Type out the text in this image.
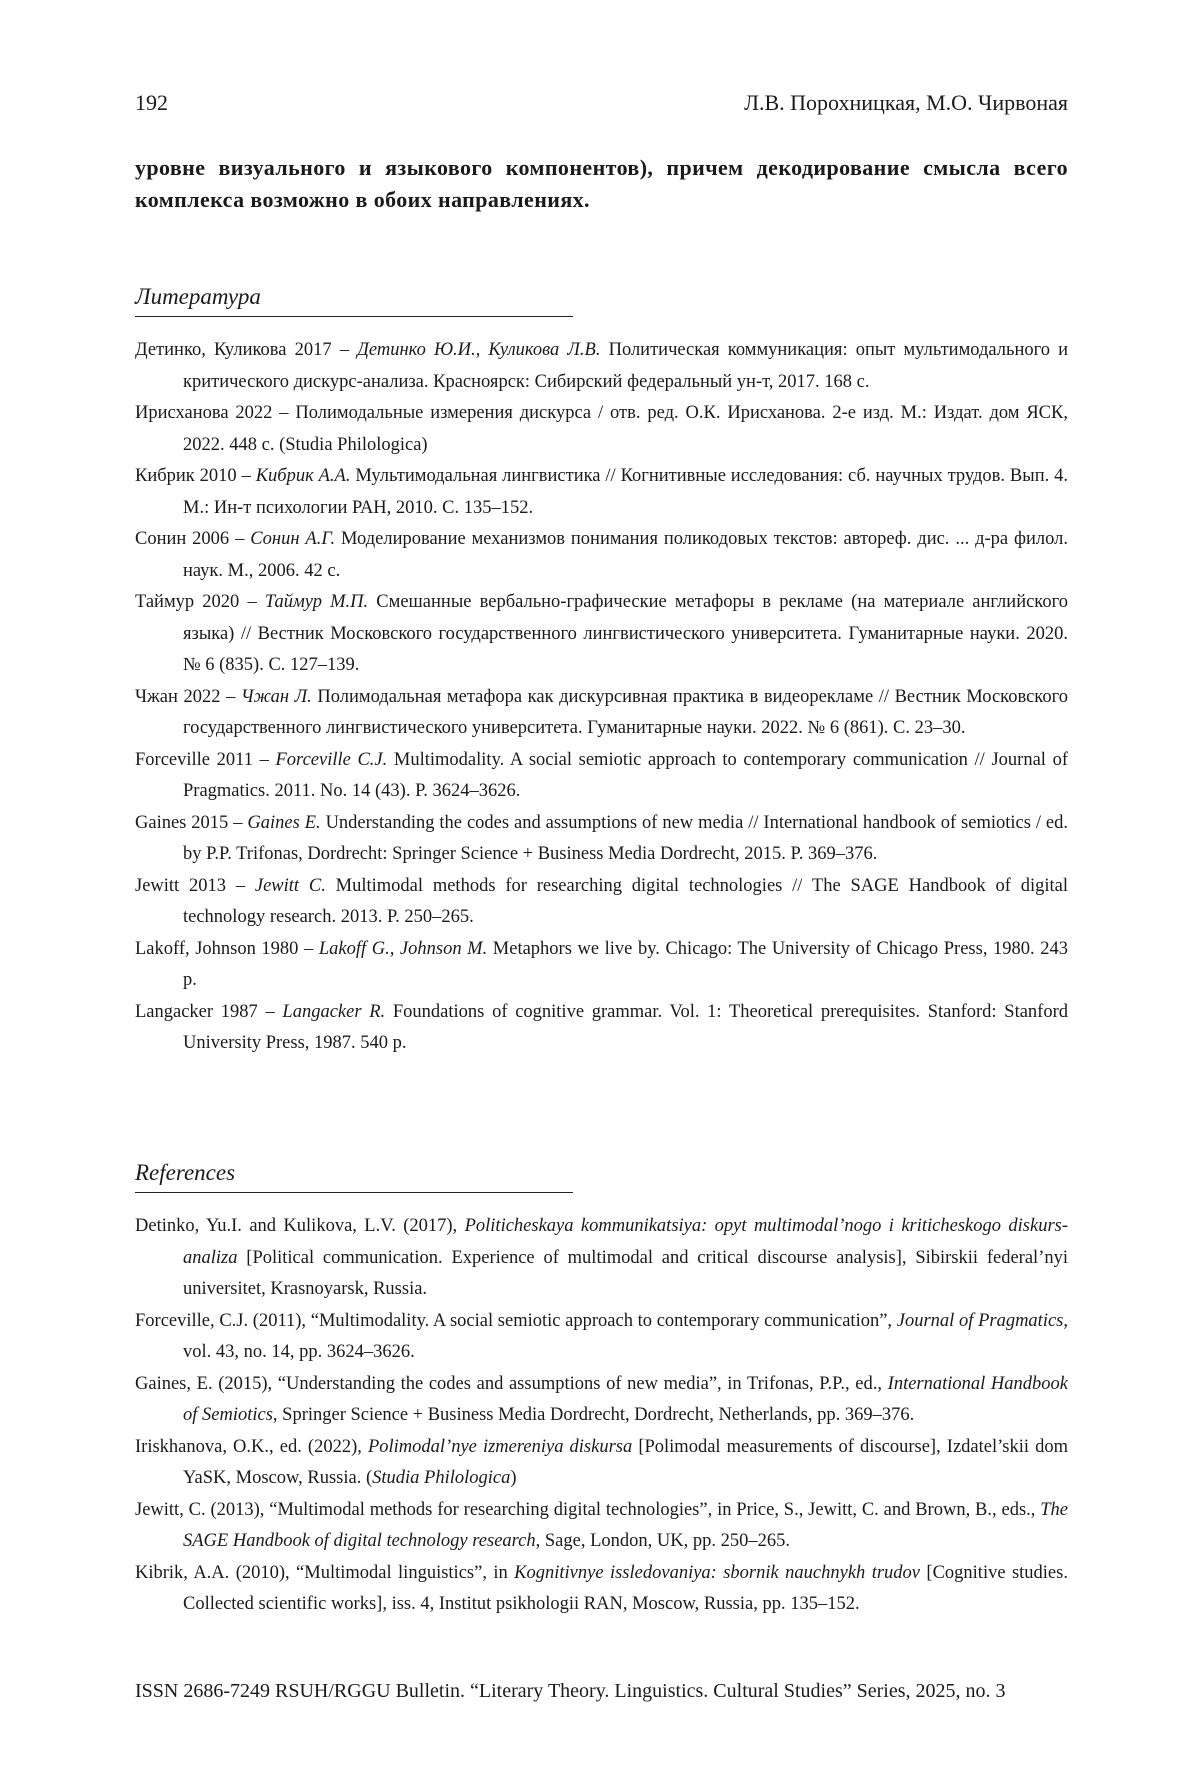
192	Л.В. Порохницкая, М.О. Чирвоная
уровне визуального и языкового компонентов), причем декодирование смысла всего комплекса возможно в обоих направлениях.
Литература

Детинко, Куликова 2017 – Детинко Ю.И., Куликова Л.В. Политическая коммуникация: опыт мультимодального и критического дискурс-анализа. Красноярск: Сибирский федеральный ун-т, 2017. 168 с.

Ирисханова 2022 – Полимодальные измерения дискурса / отв. ред. О.К. Ирисханова. 2-е изд. М.: Издат. дом ЯСК, 2022. 448 с. (Studia Philologica)

Кибрик 2010 – Кибрик А.А. Мультимодальная лингвистика // Когнитивные исследования: сб. научных трудов. Вып. 4. М.: Ин-т психологии РАН, 2010. С. 135–152.

Сонин 2006 – Сонин А.Г. Моделирование механизмов понимания поликодовых текстов: автореф. дис. ... д-ра филол. наук. М., 2006. 42 с.

Таймур 2020 – Таймур М.П. Смешанные вербально-графические метафоры в рекламе (на материале английского языка) // Вестник Московского государственного лингвистического университета. Гуманитарные науки. 2020. № 6 (835). С. 127–139.

Чжан 2022 – Чжан Л. Полимодальная метафора как дискурсивная практика в видеорекламе // Вестник Московского государственного лингвистического университета. Гуманитарные науки. 2022. № 6 (861). С. 23–30.

Forceville 2011 – Forceville C.J. Multimodality. A social semiotic approach to contemporary communication // Journal of Pragmatics. 2011. No. 14 (43). P. 3624–3626.

Gaines 2015 – Gaines E. Understanding the codes and assumptions of new media // International handbook of semiotics / ed. by P.P. Trifonas, Dordrecht: Springer Science + Business Media Dordrecht, 2015. P. 369–376.

Jewitt 2013 – Jewitt C. Multimodal methods for researching digital technologies // The SAGE Handbook of digital technology research. 2013. P. 250–265.

Lakoff, Johnson 1980 – Lakoff G., Johnson M. Metaphors we live by. Chicago: The University of Chicago Press, 1980. 243 p.

Langacker 1987 – Langacker R. Foundations of cognitive grammar. Vol. 1: Theoretical prerequisites. Stanford: Stanford University Press, 1987. 540 p.

References

Detinko, Yu.I. and Kulikova, L.V. (2017), Politicheskaya kommunikatsiya: opyt multimodal’nogo i kriticheskogo diskurs-analiza [Political communication. Experience of multimodal and critical discourse analysis], Sibirskii federal’nyi universitet, Krasnoyarsk, Russia.

Forceville, C.J. (2011), “Multimodality. A social semiotic approach to contemporary communication”, Journal of Pragmatics, vol. 43, no. 14, pp. 3624–3626.

Gaines, E. (2015), “Understanding the codes and assumptions of new media”, in Trifonas, P.P., ed., International Handbook of Semiotics, Springer Science + Business Media Dordrecht, Dordrecht, Netherlands, pp. 369–376.

Iriskhanova, O.K., ed. (2022), Polimodal’nye izmereniya diskursa [Polimodal measurements of discourse], Izdatel’skii dom YaSK, Moscow, Russia. (Studia Philologica)

Jewitt, C. (2013), “Multimodal methods for researching digital technologies”, in Price, S., Jewitt, C. and Brown, B., eds., The SAGE Handbook of digital technology research, Sage, London, UK, pp. 250–265.

Kibrik, A.A. (2010), “Multimodal linguistics”, in Kognitivnye issledovaniya: sbornik nauchnykh trudov [Cognitive studies. Collected scientific works], iss. 4, Institut psikhologii RAN, Moscow, Russia, pp. 135–152.

ISSN 2686-7249 RSUH/RGGU Bulletin. “Literary Theory. Linguistics. Cultural Studies” Series, 2025, no. 3
